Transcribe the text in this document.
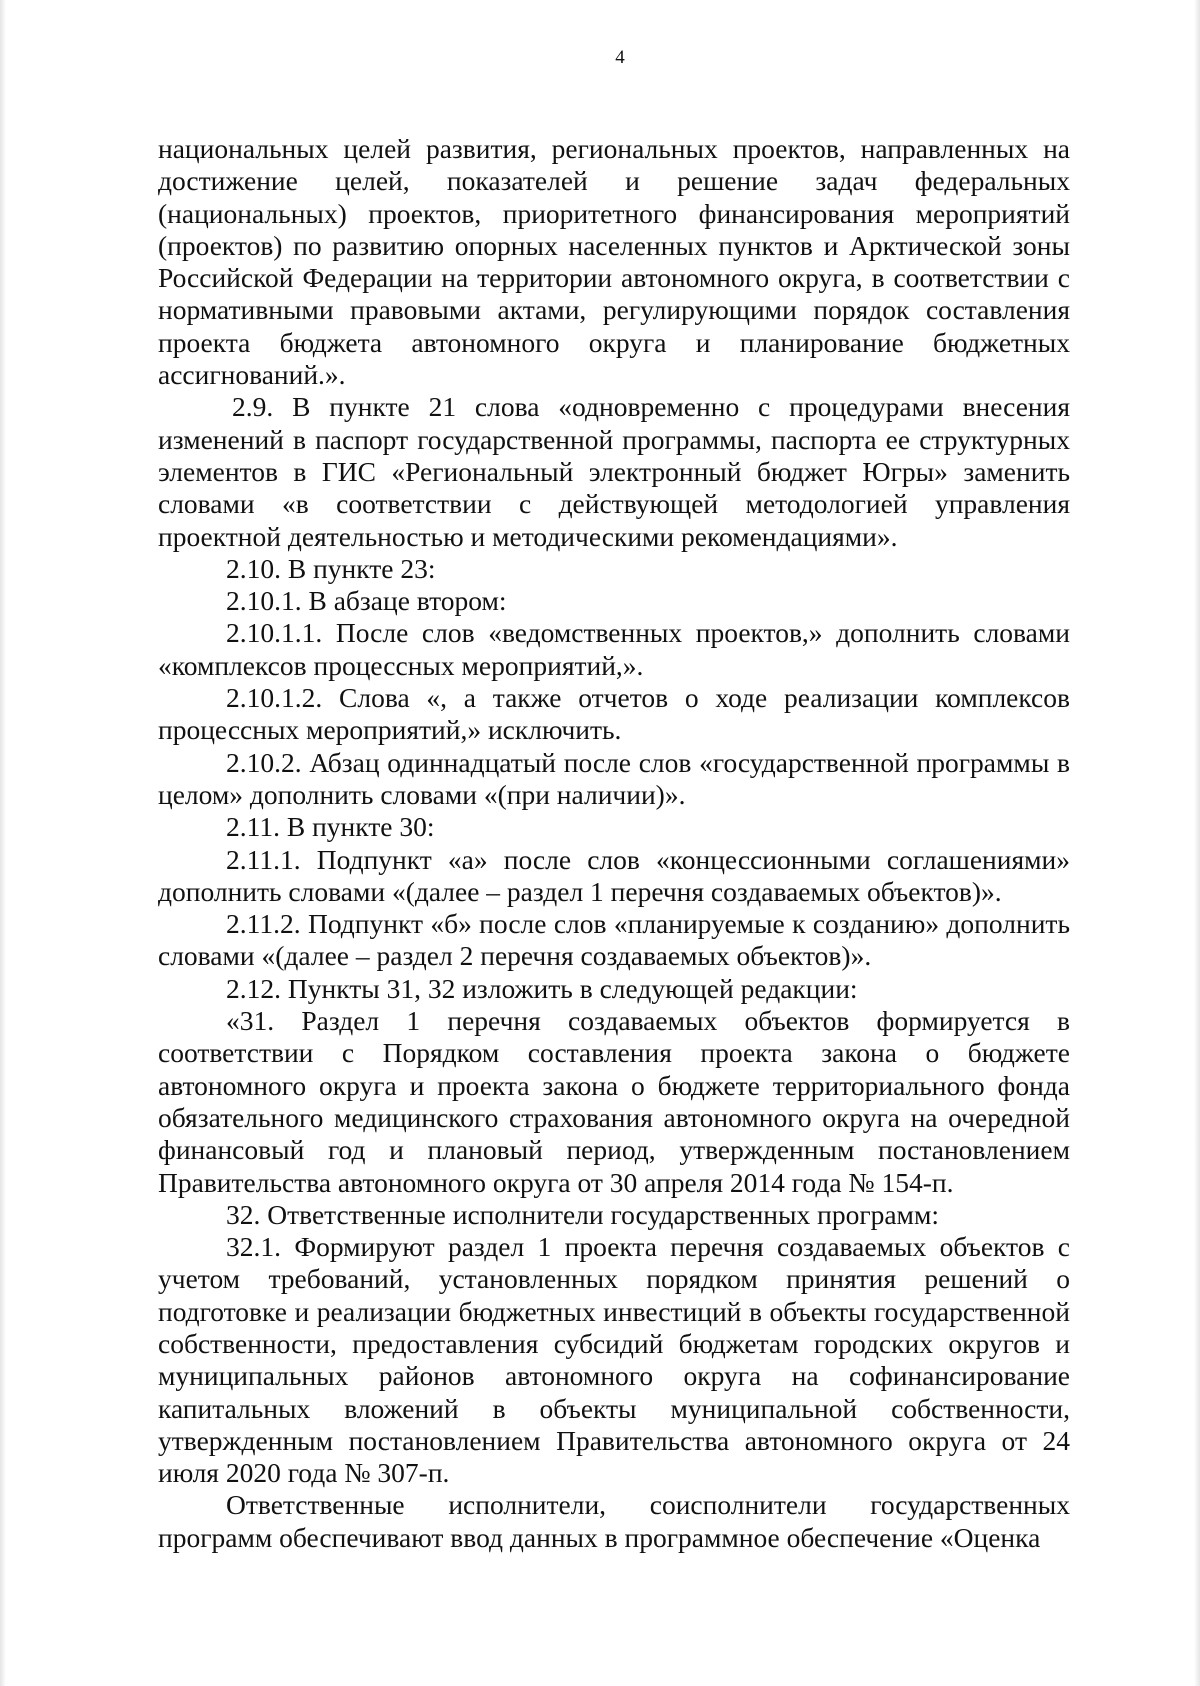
4

национальных целей развития, региональных проектов, направленных на достижение целей, показателей и решение задач федеральных (национальных) проектов, приоритетного финансирования мероприятий (проектов) по развитию опорных населенных пунктов и Арктической зоны Российской Федерации на территории автономного округа, в соответствии с нормативными правовыми актами, регулирующими порядок составления проекта бюджета автономного округа и планирование бюджетных ассигнований.».

2.9. В пункте 21 слова «одновременно с процедурами внесения изменений в паспорт государственной программы, паспорта ее структурных элементов в ГИС «Региональный электронный бюджет Югры» заменить словами «в соответствии с действующей методологией управления проектной деятельностью и методическими рекомендациями».

2.10. В пункте 23:

2.10.1. В абзаце втором:

2.10.1.1. После слов «ведомственных проектов,» дополнить словами «комплексов процессных мероприятий,».

2.10.1.2. Слова «, а также отчетов о ходе реализации комплексов процессных мероприятий,» исключить.

2.10.2. Абзац одиннадцатый после слов «государственной программы в целом» дополнить словами «(при наличии)».

2.11. В пункте 30:

2.11.1. Подпункт «а» после слов «концессионными соглашениями» дополнить словами «(далее – раздел 1 перечня создаваемых объектов)».

2.11.2. Подпункт «б» после слов «планируемые к созданию» дополнить словами «(далее – раздел 2 перечня создаваемых объектов)».

2.12. Пункты 31, 32 изложить в следующей редакции:

«31. Раздел 1 перечня создаваемых объектов формируется в соответствии с Порядком составления проекта закона о бюджете автономного округа и проекта закона о бюджете территориального фонда обязательного медицинского страхования автономного округа на очередной финансовый год и плановый период, утвержденным постановлением Правительства автономного округа от 30 апреля 2014 года № 154-п.

32. Ответственные исполнители государственных программ:

32.1. Формируют раздел 1 проекта перечня создаваемых объектов с учетом требований, установленных порядком принятия решений о подготовке и реализации бюджетных инвестиций в объекты государственной собственности, предоставления субсидий бюджетам городских округов и муниципальных районов автономного округа на софинансирование капитальных вложений в объекты муниципальной собственности, утвержденным постановлением Правительства автономного округа от 24 июля 2020 года № 307-п.

Ответственные исполнители, соисполнители государственных программ обеспечивают ввод данных в программное обеспечение «Оценка
